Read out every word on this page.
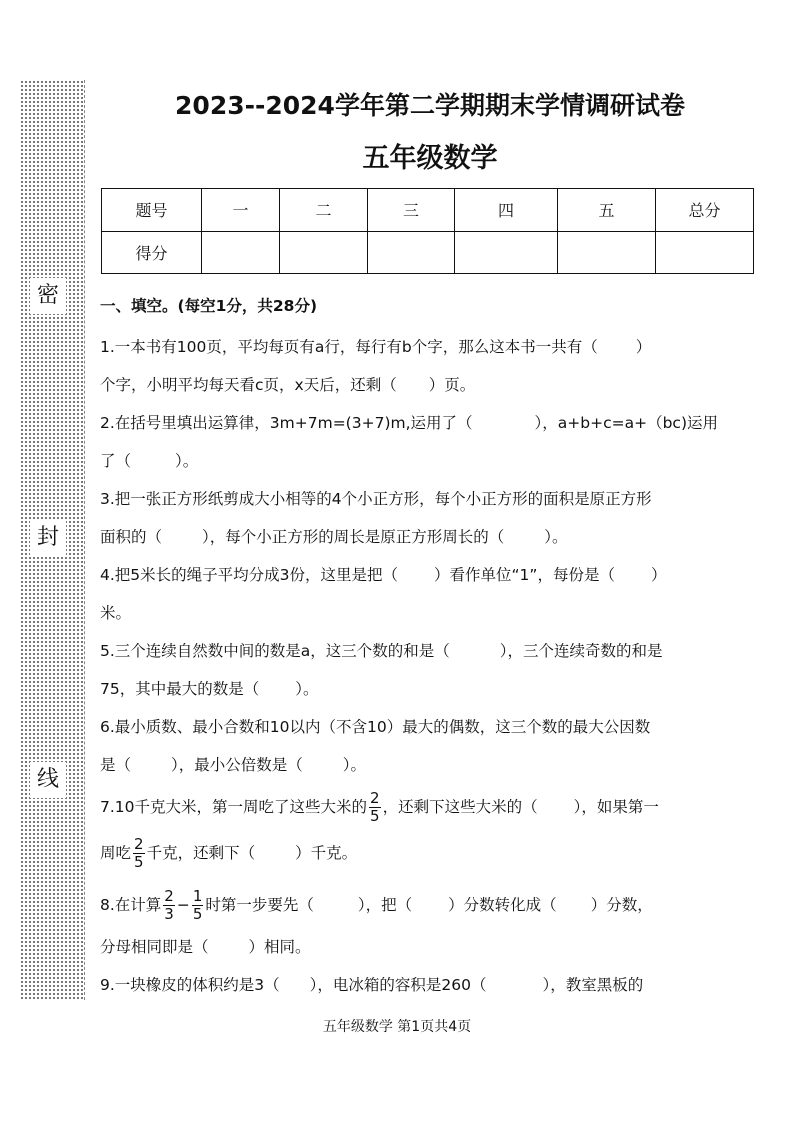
密
封
线
2023--2024学年第二学期期末学情调研试卷
五年级数学
题号	一	二	三	四	五	总分
得分						
一、填空。(每空1分，共28分)
1.一本书有100页，平均每页有a行，每行有b个字，那么这本书一共有（ ）
个字，小明平均每天看c页，x天后，还剩（ ）页。
2.在括号里填出运算律，3m+7m=(3+7)m,运用了（	），a+b+c=a+（bc)运用
了（	）。
3.把一张正方形纸剪成大小相等的4个小正方形，每个小正方形的面积是原正方形
面积的（	），每个小正方形的周长是原正方形周长的（	）。
4.把5米长的绳子平均分成3份，这里是把（ ）看作单位“1”，每份是（ ）
米。
5.三个连续自然数中间的数是a，这三个数的和是（	），三个连续奇数的和是
75，其中最大的数是（ ）。
6.最小质数、最小合数和10以内（不含10）最大的偶数，这三个数的最大公因数
是（	），最小公倍数是（	）。
7.10千克大米，第一周吃了这些大米的 $\frac{2}{5}$ ，还剩下这些大米的（ ），如果第一
周吃 $\frac{2}{5}$ 千克，还剩下（	）千克。
8.在计算 $\frac{2}{3} - \frac{1}{5}$ 时第一步要先（	），把（ ）分数转化成（ ）分数，
分母相同即是（	）相同。
9.一块橡皮的体积约是3（ ），电冰箱的容积是260（	），教室黑板的
五年级数学 第1页共4页
